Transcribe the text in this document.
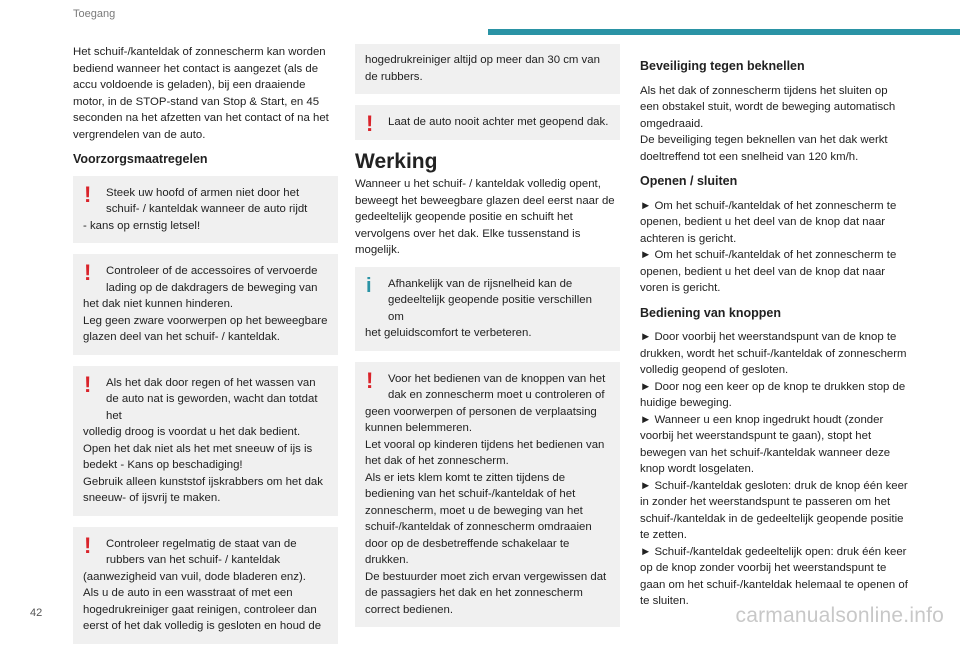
Toegang

Het schuif-/kanteldak of zonnescherm kan worden bediend wanneer het contact is aangezet (als de accu voldoende is geladen), bij een draaiende motor, in de STOP-stand van Stop & Start, en 45 seconden na het afzetten van het contact of na het vergrendelen van de auto.

Voorzorgsmaatregelen
!	Steek uw hoofd of armen niet door het schuif- / kanteldak wanneer de auto rijdt
- kans op ernstig letsel!
!	Controleer of de accessoires of vervoerde lading op de dakdragers de beweging van
het dak niet kunnen hinderen.
Leg geen zware voorwerpen op het beweegbare glazen deel van het schuif- / kanteldak.
!	Als het dak door regen of het wassen van de auto nat is geworden, wacht dan totdat het
volledig droog is voordat u het dak bedient.
Open het dak niet als het met sneeuw of ijs is bedekt - Kans op beschadiging!
Gebruik alleen kunststof ijskrabbers om het dak sneeuw- of ijsvrij te maken.
!	Controleer regelmatig de staat van de rubbers van het schuif- / kanteldak
(aanwezigheid van vuil, dode bladeren enz).
Als u de auto in een wasstraat of met een hogedrukreiniger gaat reinigen, controleer dan eerst of het dak volledig is gesloten en houd de
hogedrukreiniger altijd op meer dan 30 cm van de rubbers.
!	Laat de auto nooit achter met geopend dak.
Werking

Wanneer u het schuif- / kanteldak volledig opent, beweegt het beweegbare glazen deel eerst naar de gedeeltelijk geopende positie en schuift het vervolgens over het dak. Elke tussenstand is mogelijk.

i	Afhankelijk van de rijsnelheid kan de gedeeltelijk geopende positie verschillen om
het geluidscomfort te verbeteren.
!	Voor het bedienen van de knoppen van het dak en zonnescherm moet u controleren of
geen voorwerpen of personen de verplaatsing kunnen belemmeren.
Let vooral op kinderen tijdens het bedienen van het dak of het zonnescherm.
Als er iets klem komt te zitten tijdens de bediening van het schuif-/kanteldak of het zonnescherm, moet u de beweging van het schuif-/kanteldak of zonnescherm omdraaien door op de desbetreffende schakelaar te drukken.
De bestuurder moet zich ervan vergewissen dat de passagiers het dak en het zonnescherm correct bedienen.
Beveiliging tegen beknellen

Als het dak of zonnescherm tijdens het sluiten op een obstakel stuit, wordt de beweging automatisch omgedraaid.
De beveiliging tegen beknellen van het dak werkt doeltreffend tot een snelheid van 120 km/h.

Openen / sluiten

► Om het schuif-/kanteldak of het zonnescherm te openen, bedient u het deel van de knop dat naar achteren is gericht.
► Om het schuif-/kanteldak of het zonnescherm te openen, bedient u het deel van de knop dat naar voren is gericht.

Bediening van knoppen

► Door voorbij het weerstandspunt van de knop te drukken, wordt het schuif-/kanteldak of zonnescherm volledig geopend of gesloten.
► Door nog een keer op de knop te drukken stop de huidige beweging.
► Wanneer u een knop ingedrukt houdt (zonder voorbij het weerstandspunt te gaan), stopt het bewegen van het schuif-/kanteldak wanneer deze knop wordt losgelaten.
► Schuif-/kanteldak gesloten: druk de knop één keer in zonder het weerstandspunt te passeren om het schuif-/kanteldak in de gedeeltelijk geopende positie te zetten.
► Schuif-/kanteldak gedeeltelijk open: druk één keer op de knop zonder voorbij het weerstandspunt te gaan om het schuif-/kanteldak helemaal te openen of te sluiten.

42	carmanualsonline.info
